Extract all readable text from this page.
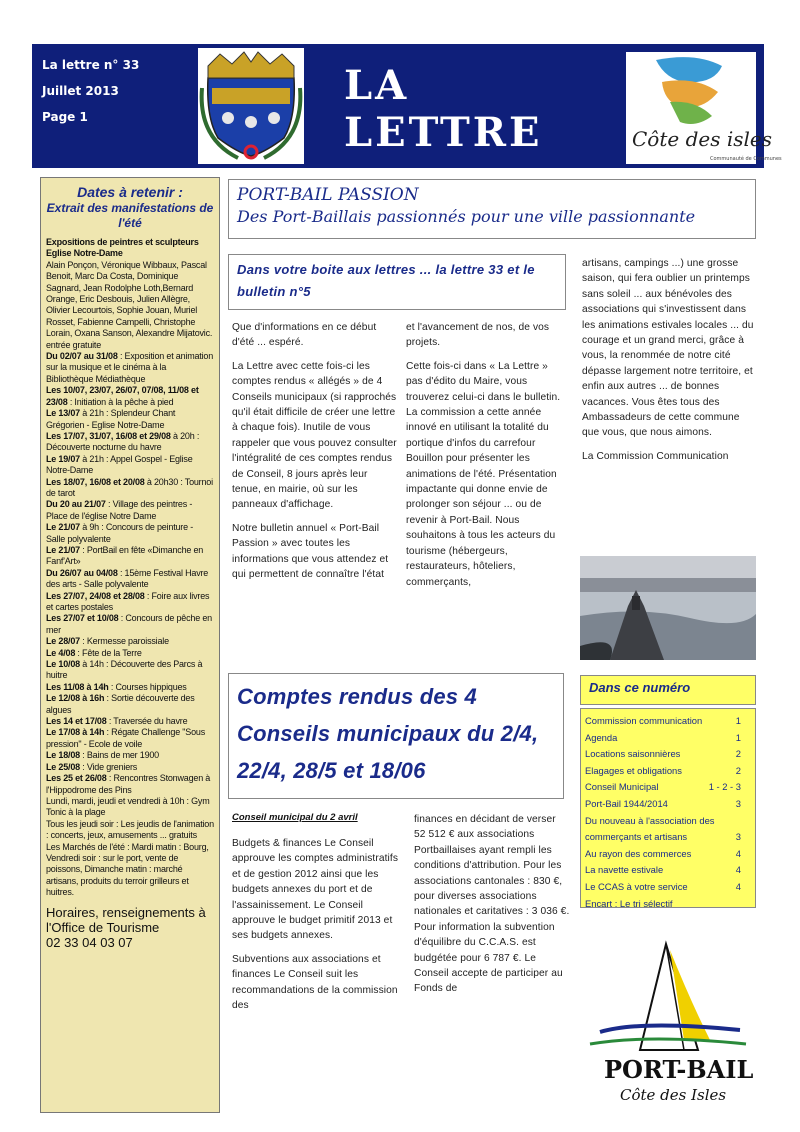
La lettre n° 33
Juillet 2013
Page 1
LA LETTRE	Côte des isles
Communauté de Communes
Dates à retenir :
Extrait des manifestations de l'été

Expositions de peintres et sculpteurs Eglise Notre-Dame

Alain Ponçon, Véronique Wibbaux, Pascal Benoit, Marc Da Costa, Dominique Sagnard, Jean Rodolphe Loth,Bernard Orange, Eric Desbouis, Julien Allègre, Olivier Lecourtois, Sophie Jouan, Muriel Rosset, Fabienne Campelli, Christophe Lorain, Oxana Sanson, Alexandre Mijatovic. entrée gratuite

Du 02/07 au 31/08 : Exposition et animation sur la musique et le cinéma à la Bibliothèque Médiathèque

Les 10/07, 23/07, 26/07, 07/08, 11/08 et 23/08 : Initiation à la pêche à pied

Le 13/07 à 21h : Splendeur Chant Grégorien - Eglise Notre-Dame

Les 17/07, 31/07, 16/08 et 29/08 à 20h : Découverte nocturne du havre

Le 19/07 à 21h : Appel Gospel - Eglise Notre-Dame

Les 18/07, 16/08 et 20/08 à 20h30 : Tournoi de tarot

Du 20 au 21/07 : Village des peintres - Place de l'église Notre Dame

Le 21/07 à 9h : Concours de peinture - Salle polyvalente

Le 21/07 : PortBail en fête «Dimanche en Fanf'Art»

Du 26/07 au 04/08 : 15ème Festival Havre des arts - Salle polyvalente

Les 27/07, 24/08 et 28/08 : Foire aux livres et cartes postales

Les 27/07 et 10/08 : Concours de pêche en mer

Le 28/07 : Kermesse paroissiale

Le 4/08 : Fête de la Terre

Le 10/08 à 14h : Découverte des Parcs à huitre

Les 11/08 à 14h : Courses hippiques

Le 12/08 à 16h : Sortie découverte des algues

Les 14 et 17/08 : Traversée du havre

Le 17/08 à 14h : Régate Challenge "Sous pression" - Ecole de voile

Le 18/08 : Bains de mer 1900

Le 25/08 : Vide greniers

Les 25 et 26/08 : Rencontres Stonwagen à l'Hippodrome des Pins

Lundi, mardi, jeudi et vendredi à 10h : Gym Tonic à la plage

Tous les jeudi soir : Les jeudis de l'animation : concerts, jeux, amusements ... gratuits

Les Marchés de l'été : Mardi matin : Bourg, Vendredi soir : sur le port, vente de poissons, Dimanche matin : marché artisans, produits du terroir grilleurs et huitres.

Horaires, renseignements à l'Office de Tourisme
02 33 04 03 07
PORT-BAIL PASSION
Des Port-Baillais passionnés pour une ville passionnante
Dans votre boite aux lettres ... la lettre 33 et le bulletin n°5

Que d'informations en ce début d'été ... espéré.

La Lettre avec cette fois-ci les comptes rendus « allégés » de 4 Conseils municipaux (si rapprochés qu'il était difficile de créer une lettre à chaque fois). Inutile de vous rappeler que vous pouvez consulter l'intégralité de ces comptes rendus de Conseil, 8 jours après leur tenue, en mairie, où sur les panneaux d'affichage.

Notre bulletin annuel « Port-Bail Passion » avec toutes les informations que vous attendez et qui permettent de connaître l'état

et l'avancement de nos, de vos projets.

Cette fois-ci dans « La Lettre » pas d'édito du Maire, vous trouverez celui-ci dans le bulletin. La commission a cette année innové en utilisant la totalité du portique d'infos du carrefour Bouillon pour présenter les animations de l'été. Présentation impactante qui donne envie de prolonger son séjour ... ou de revenir à Port-Bail. Nous souhaitons à tous les acteurs du tourisme (hébergeurs, restaurateurs, hôteliers, commerçants,

artisans, campings ...) une grosse saison, qui fera oublier un printemps sans soleil ... aux bénévoles des associations qui s'investissent dans les animations estivales locales ... du courage et un grand merci, grâce à vous, la renommée de notre cité dépasse largement notre territoire, et enfin aux autres ... de bonnes vacances. Vous êtes tous des Ambassadeurs de cette commune que vous, que nous aimons.

La Commission Communication

Comptes rendus des 4 Conseils municipaux du 2/4, 22/4, 28/5 et 18/06
Conseil municipal du 2 avril

Budgets & finances Le Conseil approuve les comptes administratifs et de gestion 2012 ainsi que les budgets annexes du port et de l'assainissement. Le Conseil approuve le budget primitif 2013 et ses budgets annexes.

Subventions aux associations et finances Le Conseil suit les recommandations de la commission des

finances en décidant de verser 52 512 € aux associations Portbaillaises ayant rempli les conditions d'attribution. Pour les associations cantonales : 830 €, pour diverses associations nationales et caritatives : 3 036 €. Pour information la subvention d'équilibre du C.C.A.S. est budgétée pour 6 787 €. Le Conseil accepte de participer au Fonds de

Dans ce numéro
Commission communication	1
Agenda	1
Locations saisonnières	2
Elagages et obligations	2
Conseil Municipal	1 - 2 - 3
Port-Bail 1944/2014	3
Du nouveau à l'association des
commerçants et artisans	3
Au rayon des commerces	4
La navette estivale	4
Le CCAS à votre service	4
Encart : Le tri sélectif
PORT-BAIL
Côte des Isles
